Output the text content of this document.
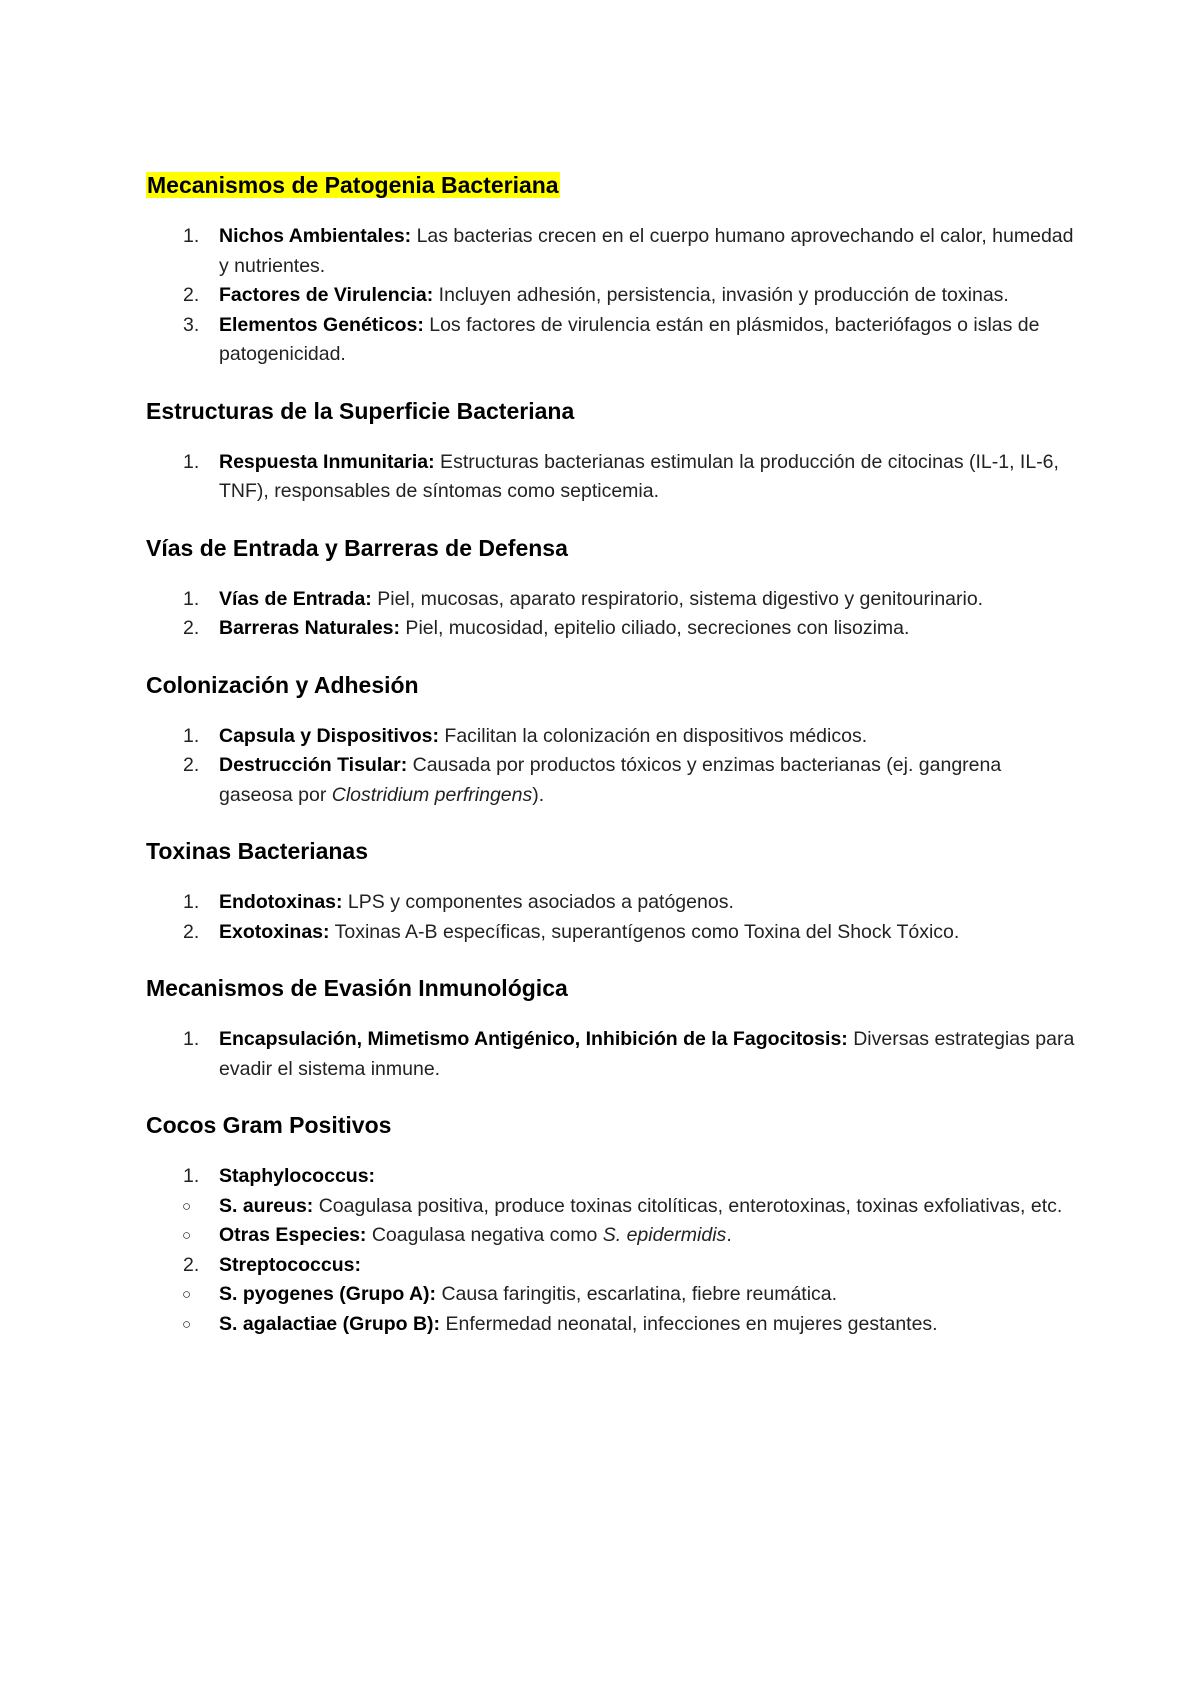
Mecanismos de Patogenia Bacteriana
1. Nichos Ambientales: Las bacterias crecen en el cuerpo humano aprovechando el calor, humedad y nutrientes.
2. Factores de Virulencia: Incluyen adhesión, persistencia, invasión y producción de toxinas.
3. Elementos Genéticos: Los factores de virulencia están en plásmidos, bacteriófagos o islas de patogenicidad.
Estructuras de la Superficie Bacteriana
1. Respuesta Inmunitaria: Estructuras bacterianas estimulan la producción de citocinas (IL-1, IL-6, TNF), responsables de síntomas como septicemia.
Vías de Entrada y Barreras de Defensa
1. Vías de Entrada: Piel, mucosas, aparato respiratorio, sistema digestivo y genitourinario.
2. Barreras Naturales: Piel, mucosidad, epitelio ciliado, secreciones con lisozima.
Colonización y Adhesión
1. Capsula y Dispositivos: Facilitan la colonización en dispositivos médicos.
2. Destrucción Tisular: Causada por productos tóxicos y enzimas bacterianas (ej. gangrena gaseosa por Clostridium perfringens).
Toxinas Bacterianas
1. Endotoxinas: LPS y componentes asociados a patógenos.
2. Exotoxinas: Toxinas A-B específicas, superantígenos como Toxina del Shock Tóxico.
Mecanismos de Evasión Inmunológica
1. Encapsulación, Mimetismo Antigénico, Inhibición de la Fagocitosis: Diversas estrategias para evadir el sistema inmune.
Cocos Gram Positivos
1. Staphylococcus:
○ S. aureus: Coagulasa positiva, produce toxinas citolíticas, enterotoxinas, toxinas exfoliativas, etc.
○ Otras Especies: Coagulasa negativa como S. epidermidis.
2. Streptococcus:
○ S. pyogenes (Grupo A): Causa faringitis, escarlatina, fiebre reumática.
○ S. agalactiae (Grupo B): Enfermedad neonatal, infecciones en mujeres gestantes.
